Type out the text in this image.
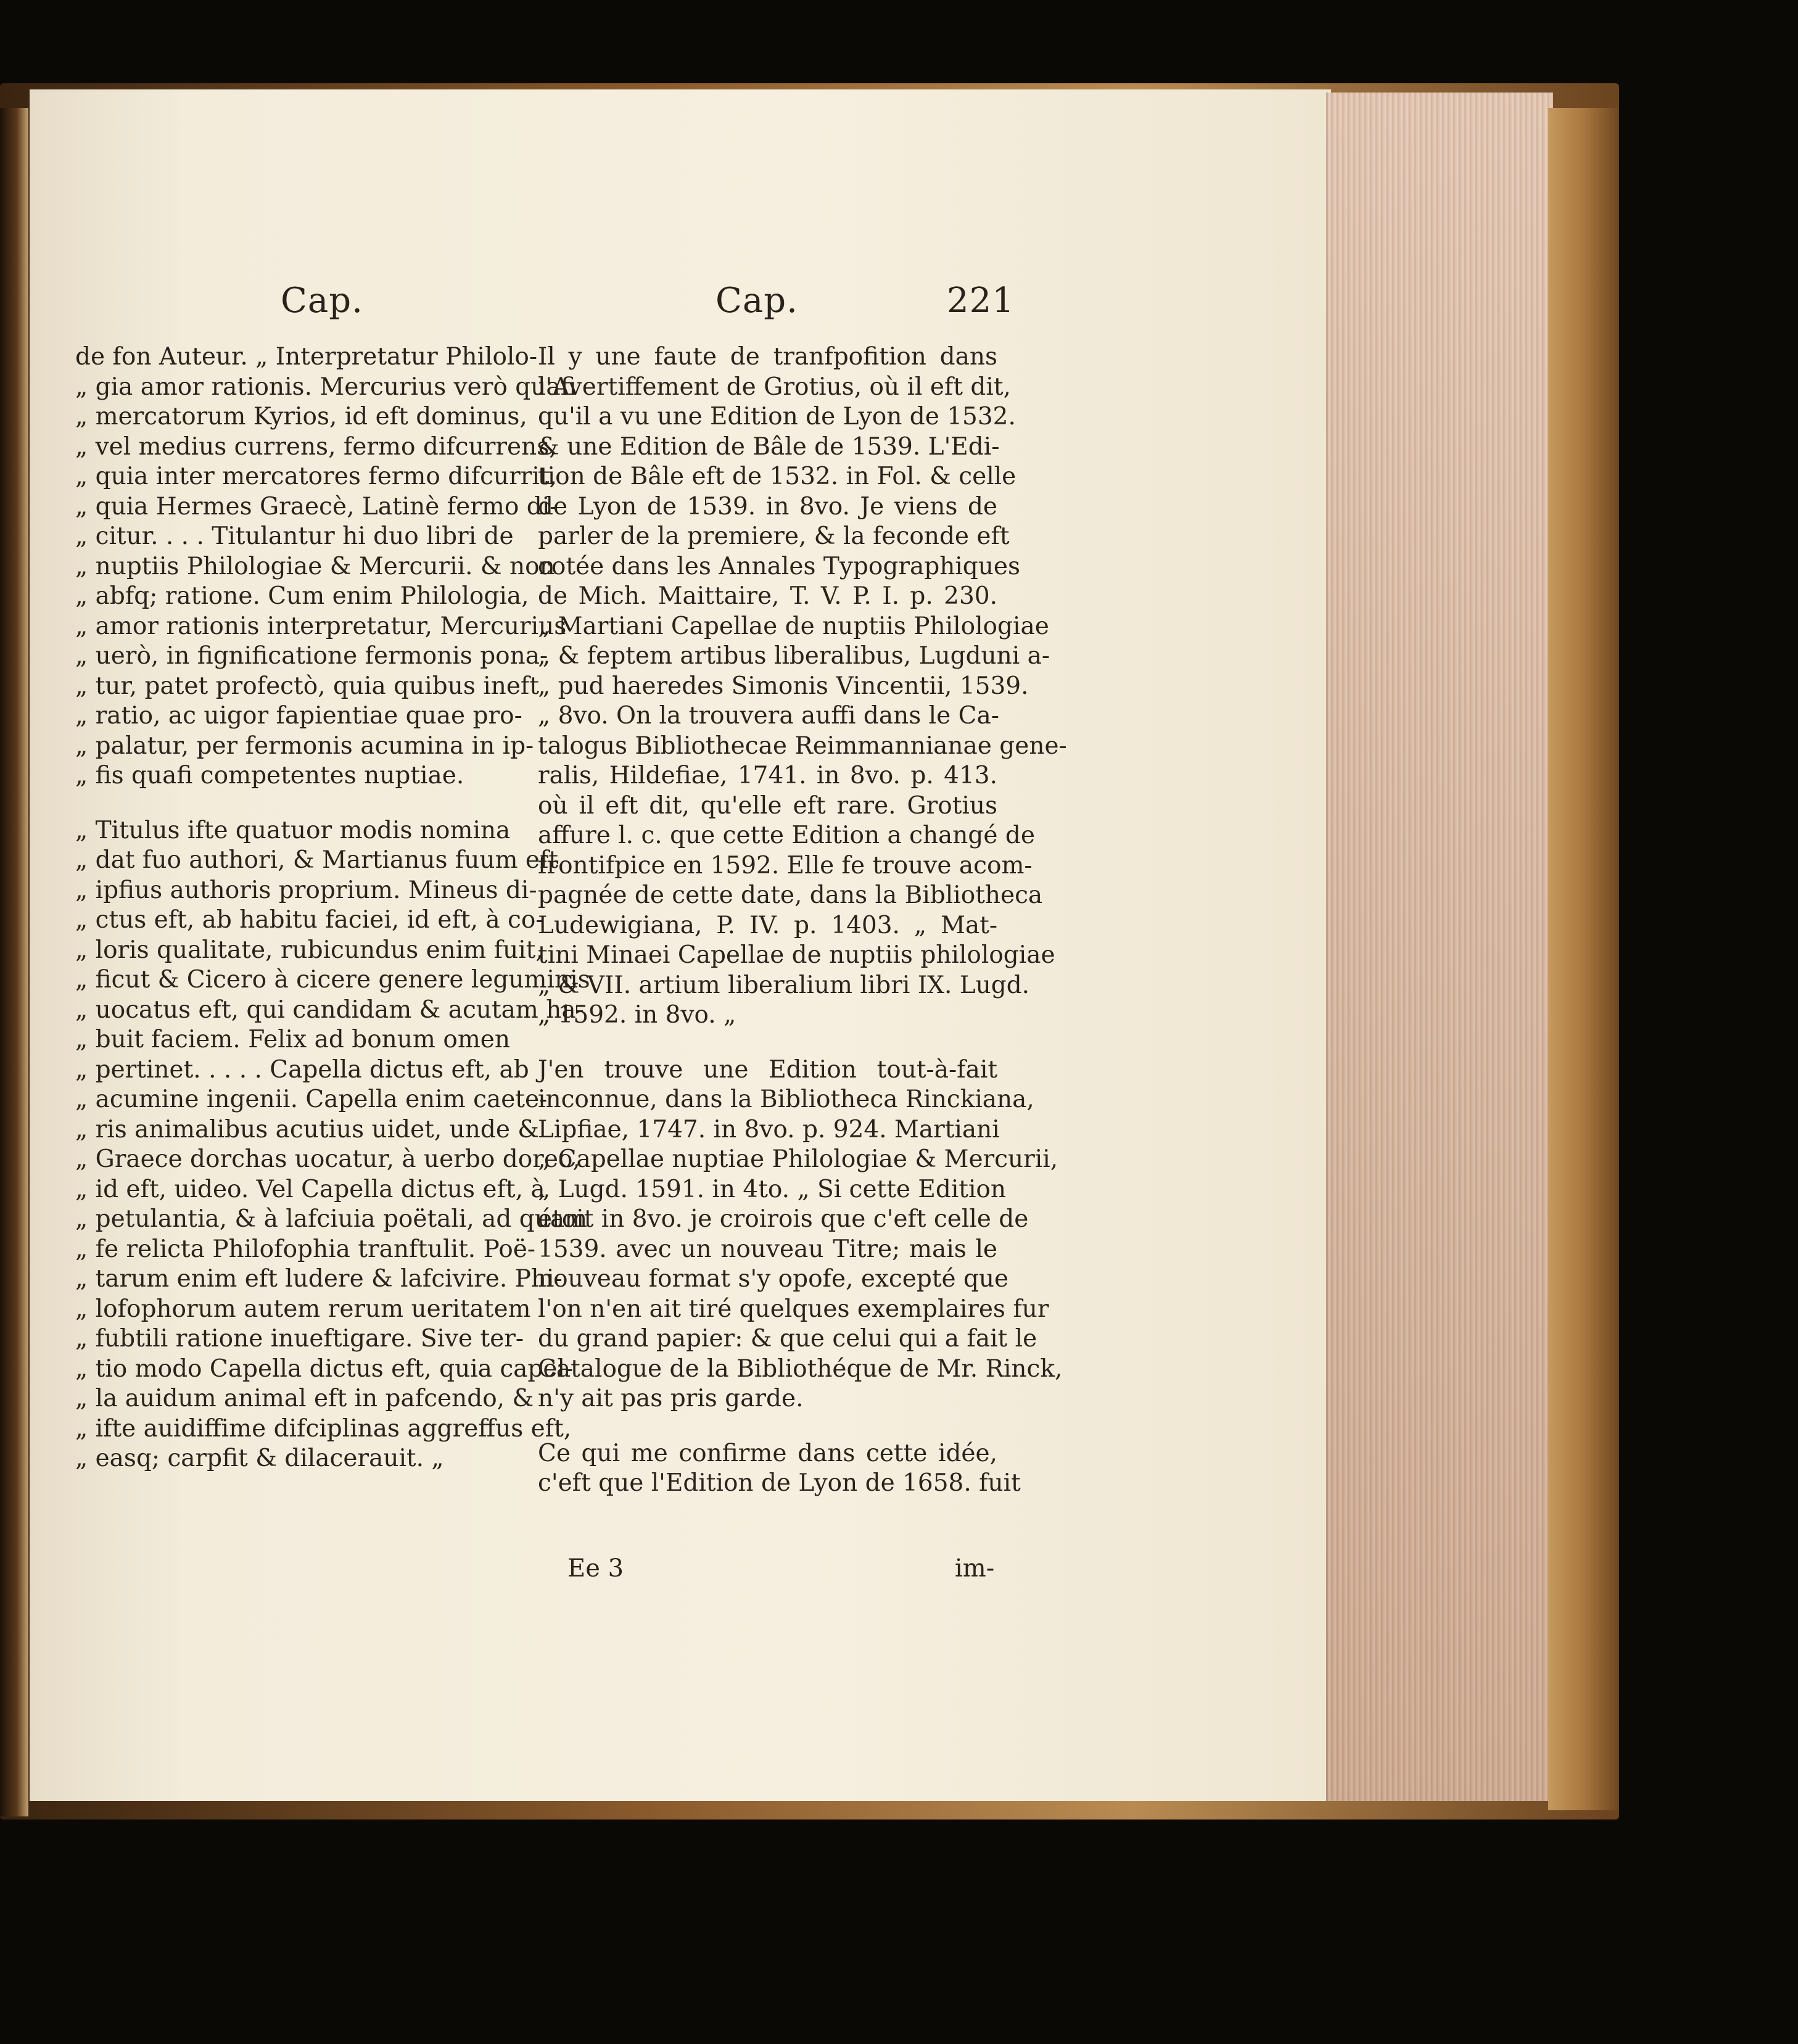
Cap.	Cap.	221
de fon Auteur. „ Interpretatur Philolo-
„ gia amor rationis. Mercurius verò quafi
„ mercatorum Kyrios, id eft dominus,
„ vel medius currens, fermo difcurrens,
„ quia inter mercatores fermo difcurrit,
„ quia Hermes Graecè, Latinè fermo di-
„ citur. . . . Titulantur hi duo libri de
„ nuptiis Philologiae & Mercurii. & non
„ abfq; ratione. Cum enim Philologia,
„ amor rationis interpretatur, Mercurius
„ uerò, in fignificatione fermonis pona-
„ tur, patet profectò, quia quibus ineft
„ ratio, ac uigor fapientiae quae pro-
„ palatur, per fermonis acumina in ip-
„ fis quafi competentes nuptiae.
„ Titulus ifte quatuor modis nomina
„ dat fuo authori, & Martianus fuum eft
„ ipfius authoris proprium. Mineus di-
„ ctus eft, ab habitu faciei, id eft, à co-
„ loris qualitate, rubicundus enim fuit,
„ ficut & Cicero à cicere genere leguminis
„ uocatus eft, qui candidam & acutam ha-
„ buit faciem. Felix ad bonum omen
„ pertinet. . . . . Capella dictus eft, ab
„ acumine ingenii. Capella enim caete-
„ ris animalibus acutius uidet, unde &
„ Graece dorchas uocatur, à uerbo doreo,
„ id eft, uideo. Vel Capella dictus eft, à
„ petulantia, & à lafciuia poëtali, ad quam
„ fe relicta Philofophia tranftulit. Poë-
„ tarum enim eft ludere & lafcivire. Phi-
„ lofophorum autem rerum ueritatem
„ fubtili ratione inueftigare. Sive ter-
„ tio modo Capella dictus eft, quia capel-
„ la auidum animal eft in pafcendo, &
„ ifte auidiffime difciplinas aggreffus eft,
„ easq; carpfit & dilacerauit. „
Il y une faute de tranfpofition dans
l'Avertiffement de Grotius, où il eft dit,
qu'il a vu une Edition de Lyon de 1532.
& une Edition de Bâle de 1539. L'Edi-
tion de Bâle eft de 1532. in Fol. & celle
de Lyon de 1539. in 8vo. Je viens de
parler de la premiere, & la feconde eft
cotée dans les Annales Typographiques
de Mich. Maittaire, T. V. P. I. p. 230.
„ Martiani Capellae de nuptiis Philologiae
„ & feptem artibus liberalibus, Lugduni a-
„ pud haeredes Simonis Vincentii, 1539.
„ 8vo. On la trouvera auffi dans le Ca-
talogus Bibliothecae Reimmannianae gene-
ralis, Hildefiae, 1741. in 8vo. p. 413.
où il eft dit, qu'elle eft rare. Grotius
affure l. c. que cette Edition a changé de
frontifpice en 1592. Elle fe trouve acom-
pagnée de cette date, dans la Bibliotheca
Ludewigiana, P. IV. p. 1403. „ Mat-
tini Minaei Capellae de nuptiis philologiae
„ & VII. artium liberalium libri IX. Lugd.
„ 1592. in 8vo. „
J'en trouve une Edition tout-à-fait
inconnue, dans la Bibliotheca Rinckiana,
Lipfiae, 1747. in 8vo. p. 924. Martiani
„ Capellae nuptiae Philologiae & Mercurii,
„ Lugd. 1591. in 4to. „ Si cette Edition
étoit in 8vo. je croirois que c'eft celle de
1539. avec un nouveau Titre; mais le
nouveau format s'y opofe, excepté que
l'on n'en ait tiré quelques exemplaires fur
du grand papier: & que celui qui a fait le
Catalogue de la Bibliothéque de Mr. Rinck,
n'y ait pas pris garde.
Ce qui me confirme dans cette idée,
c'eft que l'Edition de Lyon de 1658. fuit
Ee 3	im-
